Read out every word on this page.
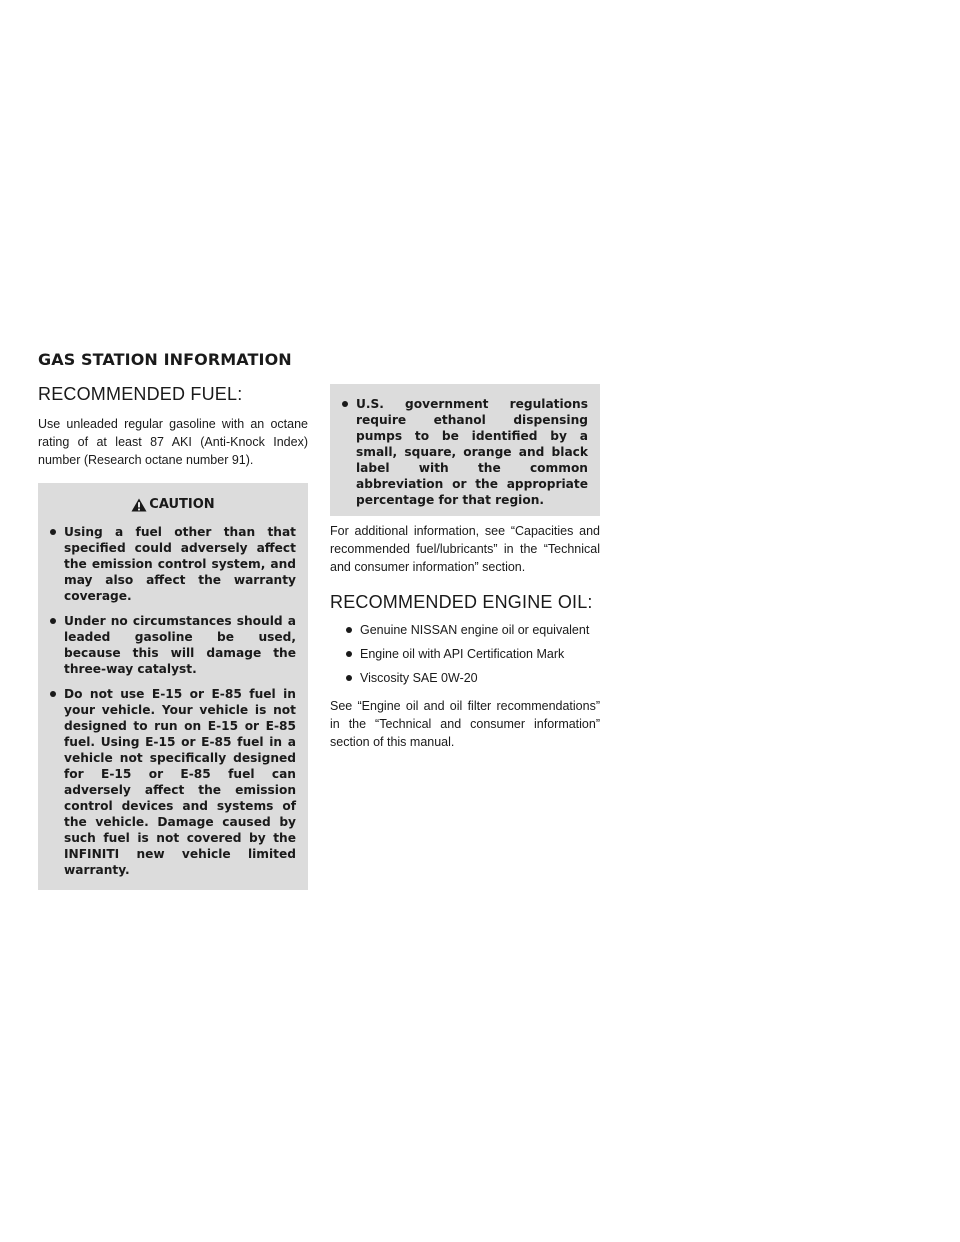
GAS STATION INFORMATION
RECOMMENDED FUEL:

Use unleaded regular gasoline with an octane rating of at least 87 AKI (Anti-Knock Index) number (Research octane number 91).

CAUTION
Using a fuel other than that specified could adversely affect the emission control system, and may also affect the warranty coverage.
Under no circumstances should a leaded gasoline be used, because this will damage the three-way catalyst.
Do not use E-15 or E-85 fuel in your vehicle. Your vehicle is not designed to run on E-15 or E-85 fuel. Using E-15 or E-85 fuel in a vehicle not specifically designed for E-15 or E-85 fuel can adversely affect the emission control devices and systems of the vehicle. Damage caused by such fuel is not covered by the INFINITI new vehicle limited warranty.
U.S. government regulations require ethanol dispensing pumps to be identified by a small, square, orange and black label with the common abbreviation or the appropriate percentage for that region.

For additional information, see “Capacities and recommended fuel/lubricants” in the “Technical and consumer information” section.

RECOMMENDED ENGINE OIL:
Genuine NISSAN engine oil or equivalent
Engine oil with API Certification Mark
Viscosity SAE 0W-20

See “Engine oil and oil filter recommendations” in the “Technical and consumer information” section of this manual.
